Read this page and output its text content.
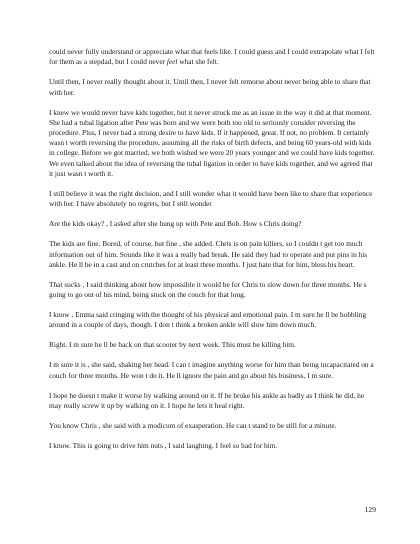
could never fully understand or appreciate what that feels like. I could guess and I could extrapolate what I felt for them as a stepdad, but I could never feel what she felt.

Until then, I never really thought about it. Until then, I never felt remorse about never being able to share that with her.

I knew we would never have kids together, but it never struck me as an issue in the way it did at that moment. She had a tubal ligation after Pete was born and we were both too old to seriously consider reversing the procedure. Plus, I never had a strong desire to have kids. If it happened, great. If not, no problem. It certainly wasn t worth reversing the procedure, assuming all the risks of birth defects, and being 60 years-old with kids in college. Before we got married, we both wished we were 20 years younger and we could have kids together. We even talked about the idea of reversing the tubal ligation in order to have kids together, and we agreed that it just wasn t worth it.

I still believe it was the right decision, and I still wonder what it would have been like to share that experience with her. I have absolutely no regrets, but I still wonder

Are the kids okay? , I asked after she hung up with Pete and Bob. How s Chris doing?

The kids are fine. Bored, of course, but fine , she added. Chris is on pain killers, so I couldn t get too much information out of him. Sounds like it was a really bad break. He said they had to operate and put pins in his ankle. He ll be in a cast and on crutches for at least three months. I just hate that for him, bless his heart.

That sucks , I said thinking about how impossible it would be for Chris to slow down for three months. He s going to go out of his mind, being stuck on the couch for that long.

I know , Emma said cringing with the thought of his physical and emotional pain. I m sure he ll be hobbling around in a couple of days, though. I don t think a broken ankle will slow him down much.

Right. I m sure he ll be back on that scooter by next week. This must be killing him.

I m sure it is , she said, shaking her head. I can t imagine anything worse for him than being incapacitated on a couch for three months. He won t do it. He ll ignore the pain and go about his business, I m sure.

I hope he doesn t make it worse by walking around on it. If he broke his ankle as badly as I think he did, he may really screw it up by walking on it. I hope he lets it heal right.

You know Chris , she said with a modicum of exasperation. He can t stand to be still for a minute.

I know. This is going to drive him nuts , I said laughing. I feel so bad for him.

129
